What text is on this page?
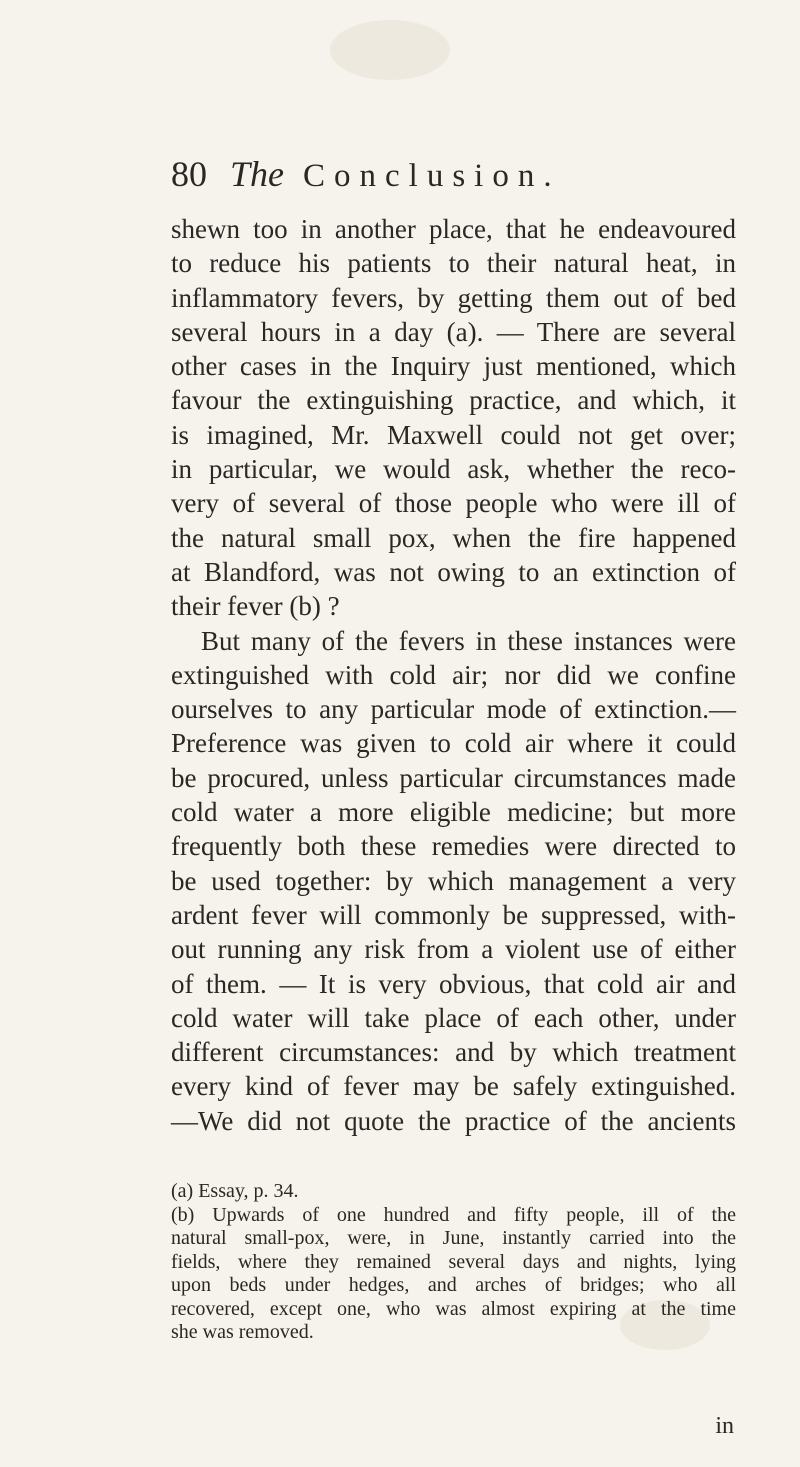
80 The Conclusion.
shewn too in another place, that he endeavoured
to reduce his patients to their natural heat, in
inflammatory fevers, by getting them out of bed
several hours in a day (a). — There are several
other cases in the Inquiry just mentioned, which
favour the extinguishing practice, and which, it
is imagined, Mr. Maxwell could not get over;
in particular, we would ask, whether the reco-
very of several of those people who were ill of
the natural small pox, when the fire happened
at Blandford, was not owing to an extinction of
their fever (b) ?
But many of the fevers in these instances were
extinguished with cold air; nor did we confine
ourselves to any particular mode of extinction.—
Preference was given to cold air where it could
be procured, unless particular circumstances made
cold water a more eligible medicine; but more
frequently both these remedies were directed to
be used together: by which management a very
ardent fever will commonly be suppressed, with-
out running any risk from a violent use of either
of them. — It is very obvious, that cold air and
cold water will take place of each other, under
different circumstances: and by which treatment
every kind of fever may be safely extinguished.
—We did not quote the practice of the ancients
(a) Essay, p. 34.
(b) Upwards of one hundred and fifty people, ill of the
natural small-pox, were, in June, instantly carried into the
fields, where they remained several days and nights, lying
upon beds under hedges, and arches of bridges; who all
recovered, except one, who was almost expiring at the time
she was removed.
in
